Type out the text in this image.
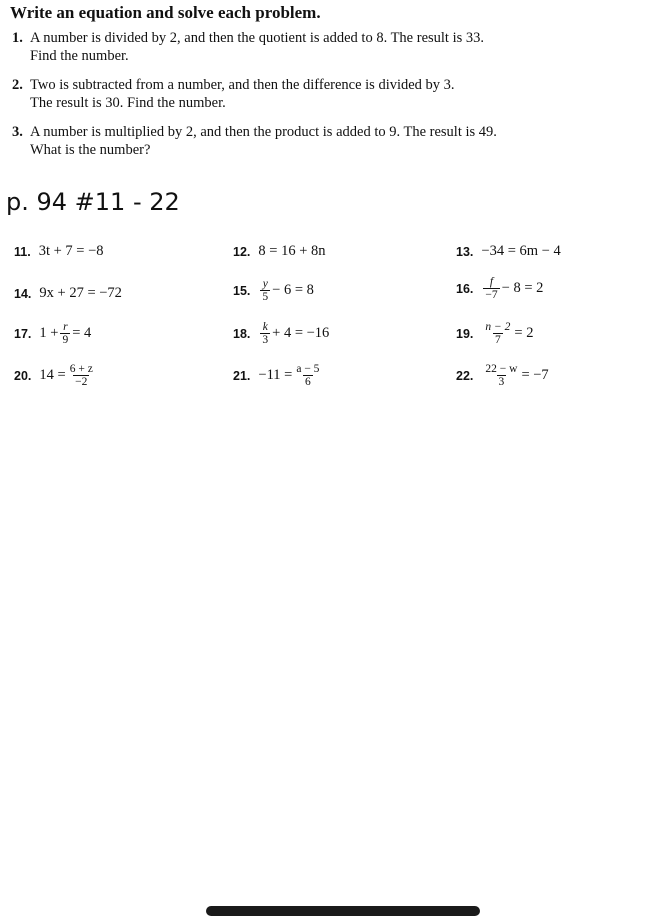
Write an equation and solve each problem.
1. A number is divided by 2, and then the quotient is added to 8. The result is 33.
Find the number.
2. Two is subtracted from a number, and then the difference is divided by 3.
The result is 30. Find the number.
3. A number is multiplied by 2, and then the product is added to 9. The result is 49.
What is the number?
p. 94 #11 - 22
11. 3t + 7 = −8	12. 8 = 16 + 8n	13. −34 = 6m − 4
14. 9x + 27 = −72	15. $\frac{y}{5} - 6 = 8$	16. $\frac{f}{-7} - 8 = 2$
17. $1 + \frac{r}{9} = 4$	18. $\frac{k}{3} + 4 = -16$	19. $\frac{n - 2}{7} = 2$
20. $14 = \frac{6 + z}{-2}$	21. $-11 = \frac{a - 5}{6}$	22. $\frac{22 - w}{3} = -7$
